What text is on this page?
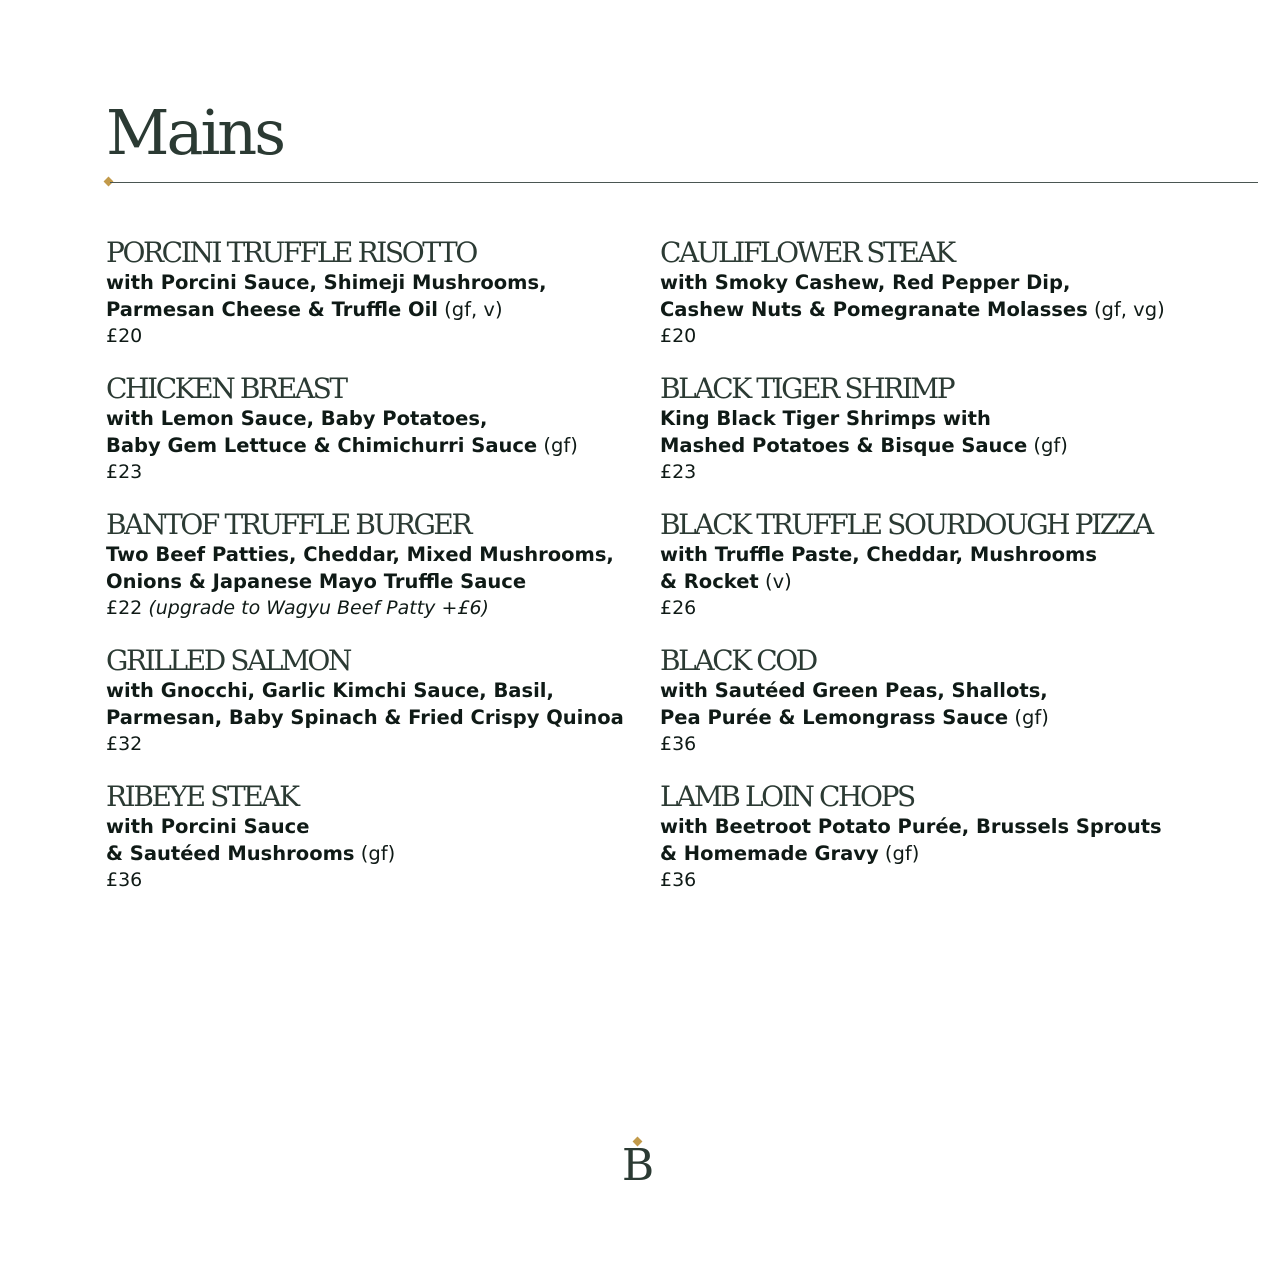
Mains

PORCINI TRUFFLE RISOTTO

with Porcini Sauce, Shimeji Mushrooms,

Parmesan Cheese & Truffle Oil (gf, v)

£20

CHICKEN BREAST

with Lemon Sauce, Baby Potatoes,

Baby Gem Lettuce & Chimichurri Sauce (gf)

£23

BANTOF TRUFFLE BURGER

Two Beef Patties, Cheddar, Mixed Mushrooms,

Onions & Japanese Mayo Truffle Sauce

£22 (upgrade to Wagyu Beef Patty +£6)

GRILLED SALMON

with Gnocchi, Garlic Kimchi Sauce, Basil,

Parmesan, Baby Spinach & Fried Crispy Quinoa

£32

RIBEYE STEAK

with Porcini Sauce

& Sautéed Mushrooms (gf)

£36

CAULIFLOWER STEAK

with Smoky Cashew, Red Pepper Dip,

Cashew Nuts & Pomegranate Molasses (gf, vg)

£20

BLACK TIGER SHRIMP

King Black Tiger Shrimps with

Mashed Potatoes & Bisque Sauce (gf)

£23

BLACK TRUFFLE SOURDOUGH PIZZA

with Truffle Paste, Cheddar, Mushrooms

& Rocket (v)

£26

BLACK COD

with Sautéed Green Peas, Shallots,

Pea Purée & Lemongrass Sauce (gf)

£36

LAMB LOIN CHOPS

with Beetroot Potato Purée, Brussels Sprouts

& Homemade Gravy (gf)

£36

B
